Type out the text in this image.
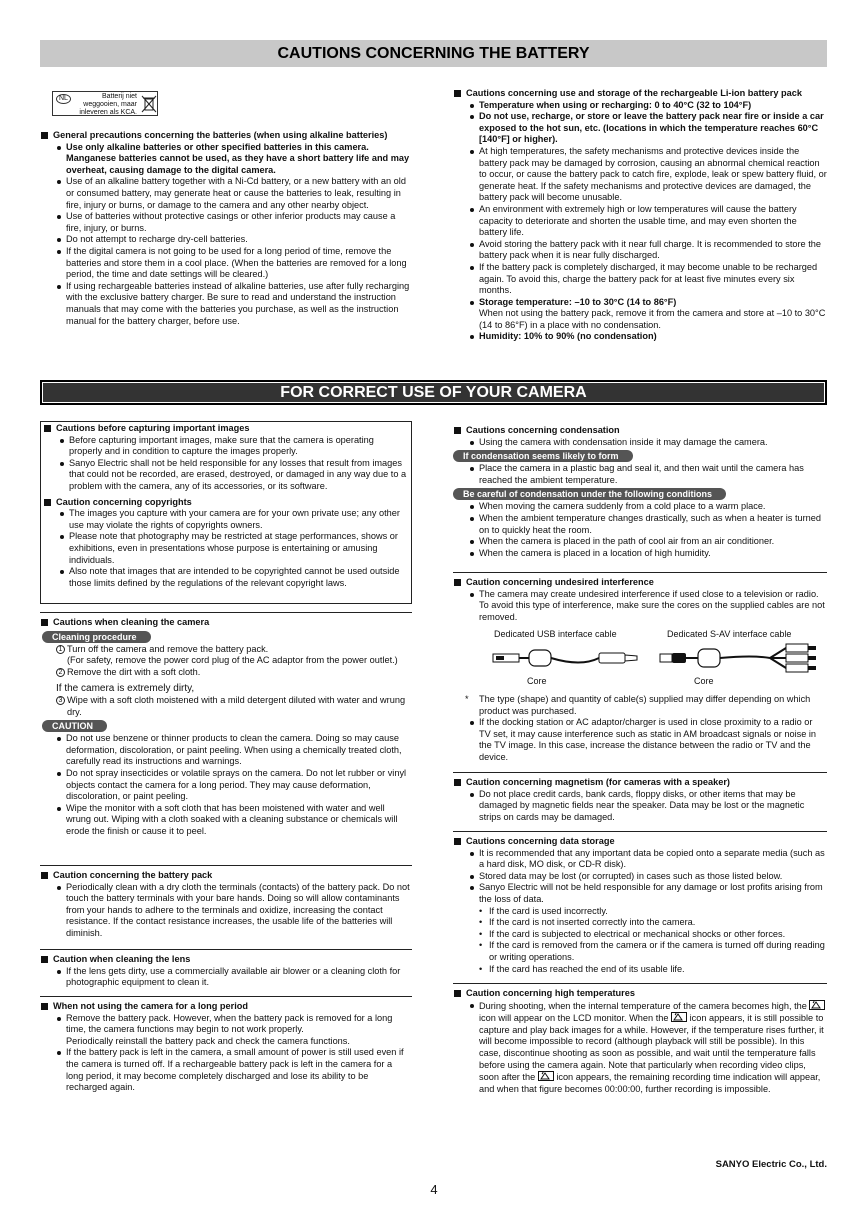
CAUTIONS CONCERNING THE BATTERY
NL	Batterij niet
weggooien, maar
inleveren als KCA.
General precautions concerning the batteries (when using alkaline batteries)
Use only alkaline batteries or other specified batteries in this camera. Manganese batteries cannot be used, as they have a short battery life and may overheat, causing damage to the digital camera.
Use of an alkaline battery together with a Ni-Cd battery, or a new battery with an old or consumed battery, may generate heat or cause the batteries to leak, resulting in fire, injury or burns, or damage to the camera and any other nearby object.
Use of batteries without protective casings or other inferior products may cause a fire, injury, or burns.
Do not attempt to recharge dry-cell batteries.
If the digital camera is not going to be used for a long period of time, remove the batteries and store them in a cool place. (When the batteries are removed for a long period, the time and date settings will be cleared.)
If using rechargeable batteries instead of alkaline batteries, use after fully recharging with the exclusive battery charger. Be sure to read and understand the instruction manuals that may come with the batteries you purchase, as well as the instruction manual for the battery charger, before use.
Cautions concerning use and storage of the rechargeable Li-ion battery pack
Temperature when using or recharging: 0 to 40°C (32 to 104°F)
Do not use, recharge, or store or leave the battery pack near fire or inside a car exposed to the hot sun, etc. (locations in which the temperature reaches 60°C [140°F] or higher).
At high temperatures, the safety mechanisms and protective devices inside the battery pack may be damaged by corrosion, causing an abnormal chemical reaction to occur, or cause the battery pack to catch fire, explode, leak or spew battery fluid, or generate heat. If the safety mechanisms and protective devices are damaged, the battery pack will become unusable.
An environment with extremely high or low temperatures will cause the battery capacity to deteriorate and shorten the usable time, and may even shorten the battery life.
Avoid storing the battery pack with it near full charge. It is recommended to store the battery pack when it is near fully discharged.
If the battery pack is completely discharged, it may become unable to be recharged again. To avoid this, charge the battery pack for at least five minutes every six months.
Storage temperature: –10 to 30°C (14 to 86°F)
When not using the battery pack, remove it from the camera and store at –10 to 30°C (14 to 86°F) in a place with no condensation.
Humidity: 10% to 90% (no condensation)
FOR CORRECT USE OF YOUR CAMERA
Cautions before capturing important images
Before capturing important images, make sure that the camera is operating properly and in condition to capture the images properly.
Sanyo Electric shall not be held responsible for any losses that result from images that could not be recorded, are erased, destroyed, or damaged in any way due to a problem with the camera, any of its accessories, or its software.
Caution concerning copyrights
The images you capture with your camera are for your own private use; any other use may violate the rights of copyrights owners.
Please note that photography may be restricted at stage performances, shows or exhibitions, even in presentations whose purpose is entertaining or amusing individuals.
Also note that images that are intended to be copyrighted cannot be used outside those limits defined by the regulations of the relevant copyright laws.
Cautions when cleaning the camera
Cleaning procedure
1 Turn off the camera and remove the battery pack.
(For safety, remove the power cord plug of the AC adaptor from the power outlet.)
2 Remove the dirt with a soft cloth.
If the camera is extremely dirty,
3 Wipe with a soft cloth moistened with a mild detergent diluted with water and wrung dry.
CAUTION
Do not use benzene or thinner products to clean the camera. Doing so may cause deformation, discoloration, or paint peeling. When using a chemically treated cloth, carefully read its instructions and warnings.
Do not spray insecticides or volatile sprays on the camera. Do not let rubber or vinyl objects contact the camera for a long period. They may cause deformation, discoloration, or paint peeling.
Wipe the monitor with a soft cloth that has been moistened with water and well wrung out. Wiping with a cloth soaked with a cleaning substance or chemicals will erode the finish or cause it to peel.
Caution concerning the battery pack
Periodically clean with a dry cloth the terminals (contacts) of the battery pack. Do not touch the battery terminals with your bare hands. Doing so will allow contaminants from your hands to adhere to the terminals and oxidize, increasing the contact resistance. If the contact resistance increases, the usable life of the batteries will diminish.
Caution when cleaning the lens
If the lens gets dirty, use a commercially available air blower or a cleaning cloth for photographic equipment to clean it.
When not using the camera for a long period
Remove the battery pack. However, when the battery pack is removed for a long time, the camera functions may begin to not work properly.
Periodically reinstall the battery pack and check the camera functions.
If the battery pack is left in the camera, a small amount of power is still used even if the camera is turned off. If a rechargeable battery pack is left in the camera for a long period, it may become completely discharged and lose its ability to be recharged again.
Cautions concerning condensation
Using the camera with condensation inside it may damage the camera.
If condensation seems likely to form
Place the camera in a plastic bag and seal it, and then wait until the camera has reached the ambient temperature.
Be careful of condensation under the following conditions
When moving the camera suddenly from a cold place to a warm place.
When the ambient temperature changes drastically, such as when a heater is turned on to quickly heat the room.
When the camera is placed in the path of cool air from an air conditioner.
When the camera is placed in a location of high humidity.
Caution concerning undesired interference
The camera may create undesired interference if used close to a television or radio. To avoid this type of interference, make sure the cores on the supplied cables are not removed.
Dedicated USB interface cable	Dedicated S-AV interface cable
Core	Core
* The type (shape) and quantity of cable(s) supplied may differ depending on which product was purchased.
If the docking station or AC adaptor/charger is used in close proximity to a radio or TV set, it may cause interference such as static in AM broadcast signals or noise in the TV image. In this case, increase the distance between the radio or TV and the device.
Caution concerning magnetism (for cameras with a speaker)
Do not place credit cards, bank cards, floppy disks, or other items that may be damaged by magnetic fields near the speaker. Data may be lost or the magnetic strips on cards may be damaged.
Cautions concerning data storage
It is recommended that any important data be copied onto a separate media (such as a hard disk, MO disk, or CD-R disk).
Stored data may be lost (or corrupted) in cases such as those listed below.
Sanyo Electric will not be held responsible for any damage or lost profits arising from the loss of data.
• If the card is used incorrectly.
• If the card is not inserted correctly into the camera.
• If the card is subjected to electrical or mechanical shocks or other forces.
• If the card is removed from the camera or if the camera is turned off during reading or writing operations.
• If the card has reached the end of its usable life.
Caution concerning high temperatures
During shooting, when the internal temperature of the camera becomes high, the  icon will appear on the LCD monitor. When the icon appears, it is still possible to capture and play back images for a while. However, if the temperature rises further, it will become impossible to record (although playback will still be possible). In this case, discontinue shooting as soon as possible, and wait until the temperature falls before using the camera again. Note that particularly when recording video clips, soon after the icon appears, the remaining recording time indication will appear, and when that figure becomes 00:00:00, further recording is impossible.
SANYO Electric Co., Ltd.
4
